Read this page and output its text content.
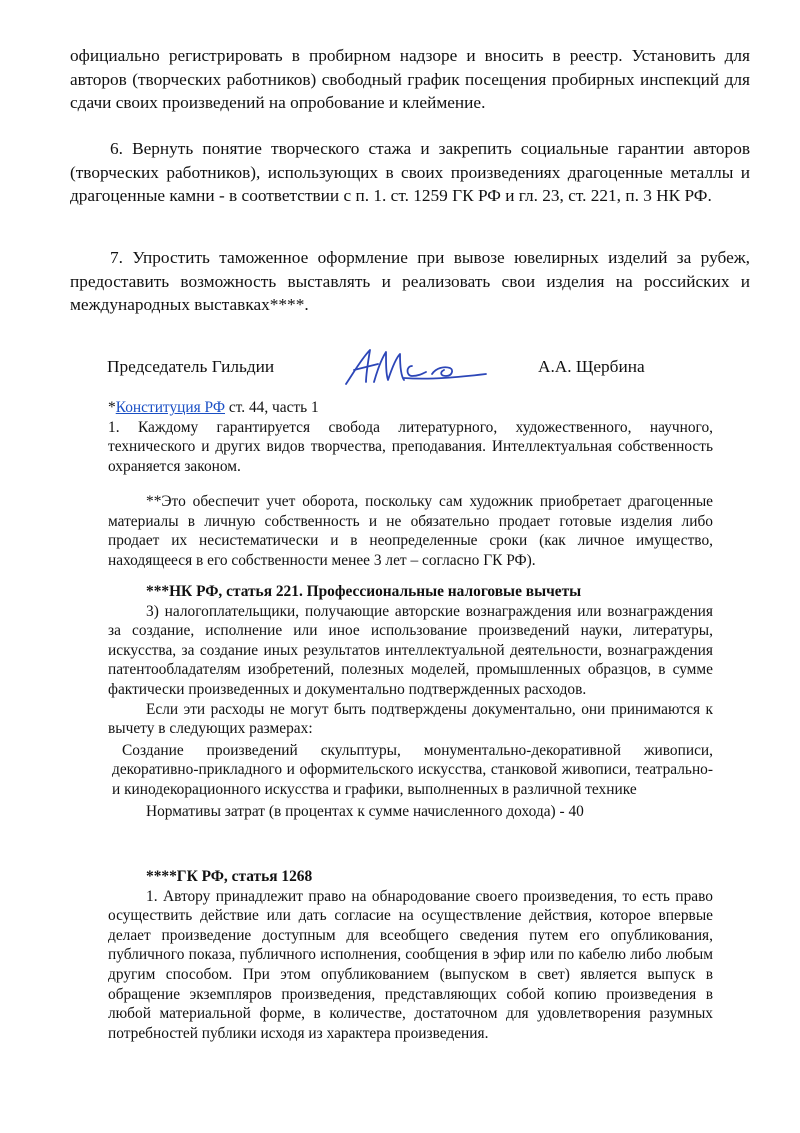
официально регистрировать в пробирном надзоре и вносить в реестр. Установить для авторов (творческих работников) свободный график посещения пробирных инспекций для сдачи своих произведений на опробование и клеймение.

6. Вернуть понятие творческого стажа и закрепить социальные гарантии авторов (творческих работников), использующих в своих произведениях драгоценные металлы и драгоценные камни - в соответствии с п. 1. ст. 1259 ГК РФ и гл. 23, ст. 221, п. 3 НК РФ.

7. Упростить таможенное оформление при вывозе ювелирных изделий за рубеж, предоставить возможность выставлять и реализовать свои изделия на российских и международных выставках****.

Председатель Гильдии	А.А. Щербина
*Конституция РФ ст. 44, часть 1
1. Каждому гарантируется свобода литературного, художественного, научного, технического и других видов творчества, преподавания. Интеллектуальная собственность охраняется законом.

**Это обеспечит учет оборота, поскольку сам художник приобретает драгоценные материалы в личную собственность и не обязательно продает готовые изделия либо продает их несистематически и в неопределенные сроки (как личное имущество, находящееся в его собственности менее 3 лет – согласно ГК РФ).

***НК РФ, статья 221. Профессиональные налоговые вычеты
3) налогоплательщики, получающие авторские вознаграждения или вознаграждения за создание, исполнение или иное использование произведений науки, литературы, искусства, за создание иных результатов интеллектуальной деятельности, вознаграждения патентообладателям изобретений, полезных моделей, промышленных образцов, в сумме фактически произведенных и документально подтвержденных расходов.
Если эти расходы не могут быть подтверждены документально, они принимаются к вычету в следующих размерах:
Создание произведений скульптуры, монументально-декоративной живописи, декоративно-прикладного и оформительского искусства, станковой живописи, театрально- и кинодекорационного искусства и графики, выполненных в различной технике
Нормативы затрат (в процентах к сумме начисленного дохода) - 40
****ГК РФ, статья 1268
1. Автору принадлежит право на обнародование своего произведения, то есть право осуществить действие или дать согласие на осуществление действия, которое впервые делает произведение доступным для всеобщего сведения путем его опубликования, публичного показа, публичного исполнения, сообщения в эфир или по кабелю либо любым другим способом. При этом опубликованием (выпуском в свет) является выпуск в обращение экземпляров произведения, представляющих собой копию произведения в любой материальной форме, в количестве, достаточном для удовлетворения разумных потребностей публики исходя из характера произведения.
